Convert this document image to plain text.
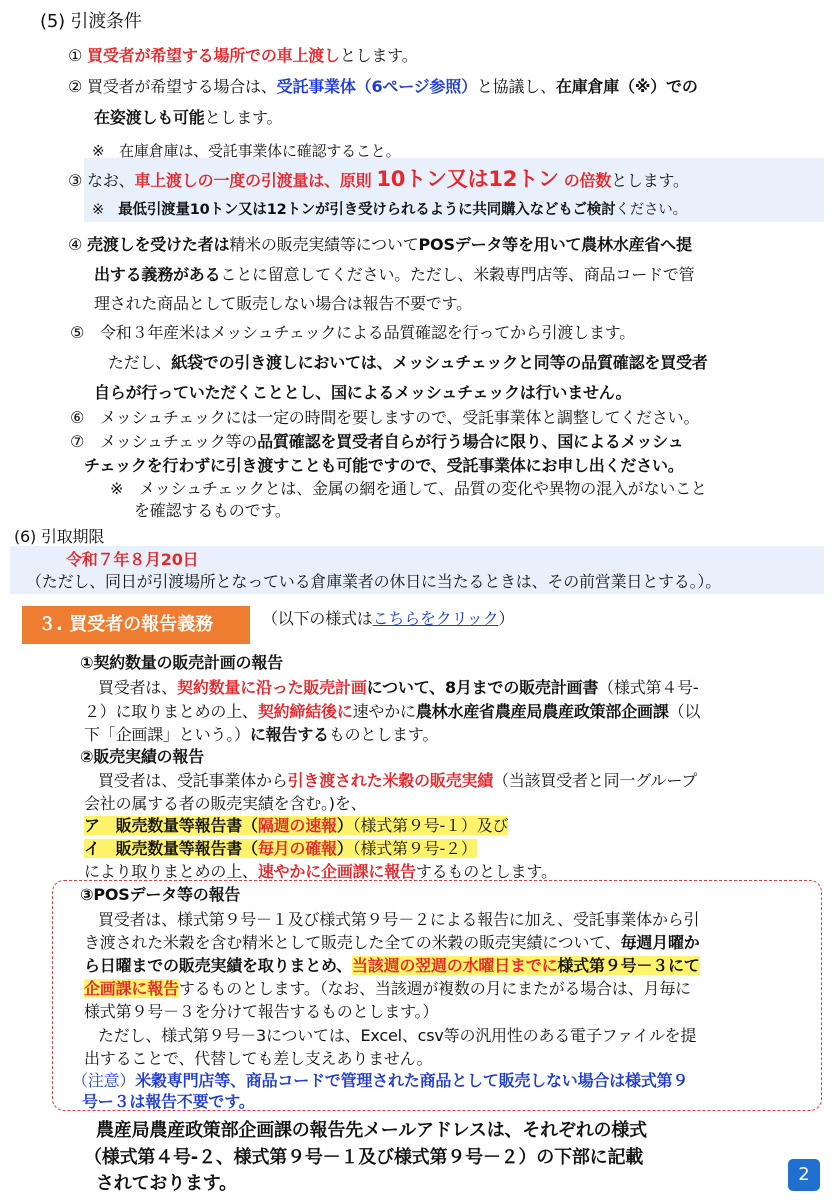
(5) 引渡条件
① 買受者が希望する場所での車上渡しとします。
② 買受者が希望する場合は、受託事業体（6ページ参照）と協議し、在庫倉庫（※）での
在姿渡しも可能とします。
※　在庫倉庫は、受託事業体に確認すること。
③ なお、車上渡しの一度の引渡量は、原則 10トン又は12トン の倍数とします。
※　最低引渡量10トン又は12トンが引き受けられるように共同購入などもご検討ください。
④ 売渡しを受けた者は精米の販売実績等についてPOSデータ等を用いて農林水産省へ提
出する義務があることに留意してください。ただし、米穀専門店等、商品コードで管
理された商品として販売しない場合は報告不要です。
⑤　 令和３年産米はメッシュチェックによる品質確認を行ってから引渡します。
ただし、紙袋での引き渡しにおいては、メッシュチェックと同等の品質確認を買受者
自らが行っていただくこととし、国によるメッシュチェックは行いません。
⑥　 メッシュチェックには一定の時間を要しますので、受託事業体と調整してください。
⑦　 メッシュチェック等の品質確認を買受者自らが行う場合に限り、国によるメッシュ
チェックを行わずに引き渡すことも可能ですので、受託事業体にお申し出ください。
※　メッシュチェックとは、金属の網を通して、品質の変化や異物の混入がないこと
を確認するものです。
(6) 引取期限
令和７年８月20日
（ただし、同日が引渡場所となっている倉庫業者の休日に当たるときは、その前営業日とする。）。
３. 買受者の報告義務	（以下の様式はこちらをクリック）
①契約数量の販売計画の報告
買受者は、契約数量に沿った販売計画について、8月までの販売計画書（様式第４号-
２）に取りまとめの上、契約締結後に速やかに農林水産省農産局農産政策部企画課（以
下「企画課」という。）に報告するものとします。
②販売実績の報告
買受者は、受託事業体から引き渡された米穀の販売実績（当該買受者と同一グループ
会社の属する者の販売実績を含む。)を、
ア　販売数量等報告書（隔週の速報）（様式第９号-１）及び
イ　販売数量等報告書（毎月の確報）（様式第９号-２）
により取りまとめの上、速やかに企画課に報告するものとします。
③POSデータ等の報告
買受者は、様式第９号－１及び様式第９号－２による報告に加え、受託事業体から引
き渡された米穀を含む精米として販売した全ての米穀の販売実績について、毎週月曜か
ら日曜までの販売実績を取りまとめ、当該週の翌週の水曜日までに様式第９号－３にて
企画課に報告するものとします。（なお、当該週が複数の月にまたがる場合は、月毎に
様式第９号－３を分けて報告するものとします。）
ただし、様式第９号－3については、Excel、csv等の汎用性のある電子ファイルを提
出することで、代替しても差し支えありません。
（注意）米穀専門店等、商品コードで管理された商品として販売しない場合は様式第９
号ー３は報告不要です。
農産局農産政策部企画課の報告先メールアドレスは、それぞれの様式
（様式第４号-２、様式第９号－１及び様式第９号－２）の下部に記載
されております。	2
